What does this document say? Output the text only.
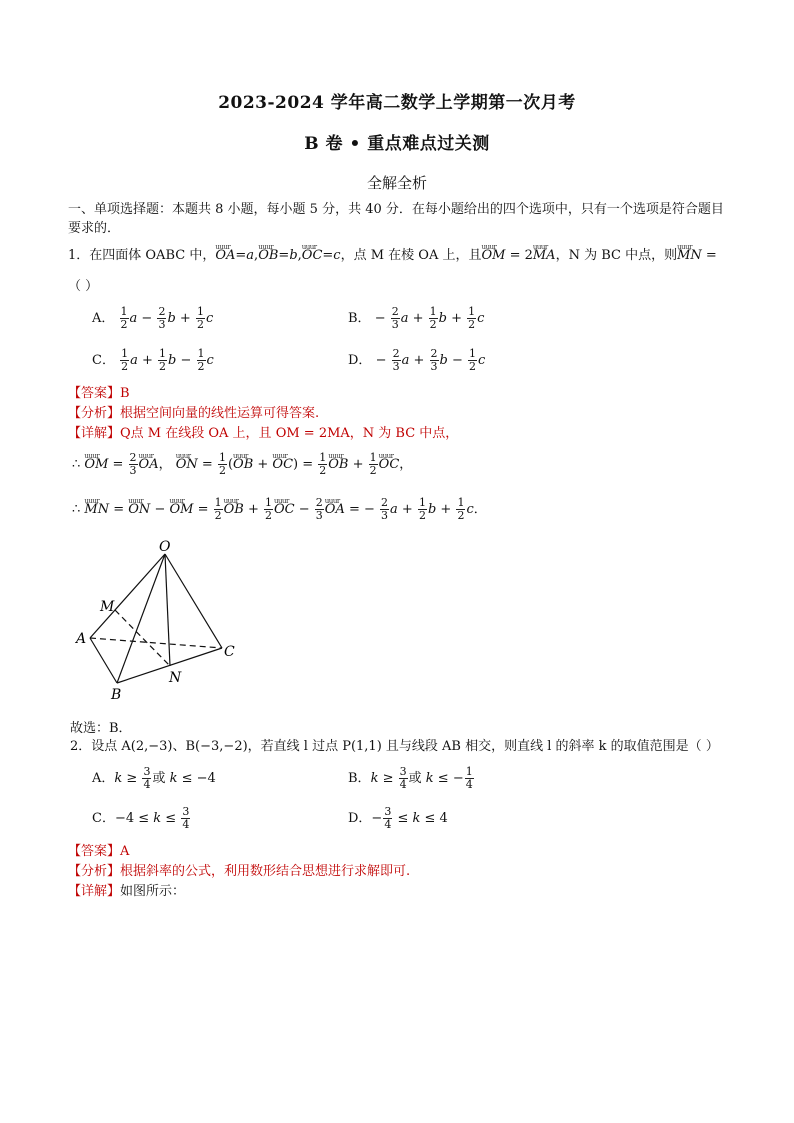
2023-2024 学年高二数学上学期第一次月考
B 卷 • 重点难点过关测
全解全析
一、单项选择题：本题共 8 小题，每小题 5 分，共 40 分．在每小题给出的四个选项中，只有一个选项是符合题目要求的．
1．在四面体 OABC 中，uuur OA=a,uuur OB=b,uuur OC=c，点 M 在棱 OA 上，且uuur OM = 2uuur MA，N 为 BC 中点，则uuur MN =
（ ）
A． $\frac{1}{2}$ $a - \frac{2}{3}$ $b + \frac{1}{2}$ c	B． − $\frac{2}{3}$ $a + \frac{1}{2}$ $b + \frac{1}{2}$ c
C． $\frac{1}{2}$ $a + \frac{1}{2}$ $b - \frac{1}{2}$ c	D． − $\frac{2}{3}$ $a + \frac{2}{3}$ $b - \frac{1}{2}$ c
【答案】B
【分析】根据空间向量的线性运算可得答案.
【详解】Q点 M 在线段 OA 上，且 OM = 2MA，N 为 BC 中点，
∴ uuur OM = $\frac{2}{3}$ uuur OA， uuur ON = $\frac{1}{2}$ (uuur OB + uuur $OC) = \frac{1}{2}$ uuur OB + $\frac{1}{2}$ uuur OC，
∴ uuur MN = uuur ON − uuur OM = $\frac{1}{2}$ uuur OB + $\frac{1}{2}$ uuur OC − $\frac{2}{3}$ uuur OA = − $\frac{2}{3}$ $a + \frac{1}{2}$ $b + \frac{1}{2}$ c．
O
M
A
B
C
N
故选：B．
2．设点 A(2,−3)、B(−3,−2)，若直线 l 过点 P(1,1) 且与线段 AB 相交，则直线 l 的斜率 k 的取值范围是（ ）
A．$k \ge \frac{3}{4}$ 或 k ≤ −4	B．$k \ge \frac{3}{4}$ 或 k ≤ − $\frac{1}{4}$
C．$-4 \le k \le \frac{3}{4}$	D．− $\frac{3}{4} \le k \le 4$
【答案】A
【分析】根据斜率的公式，利用数形结合思想进行求解即可.
【详解】如图所示：
